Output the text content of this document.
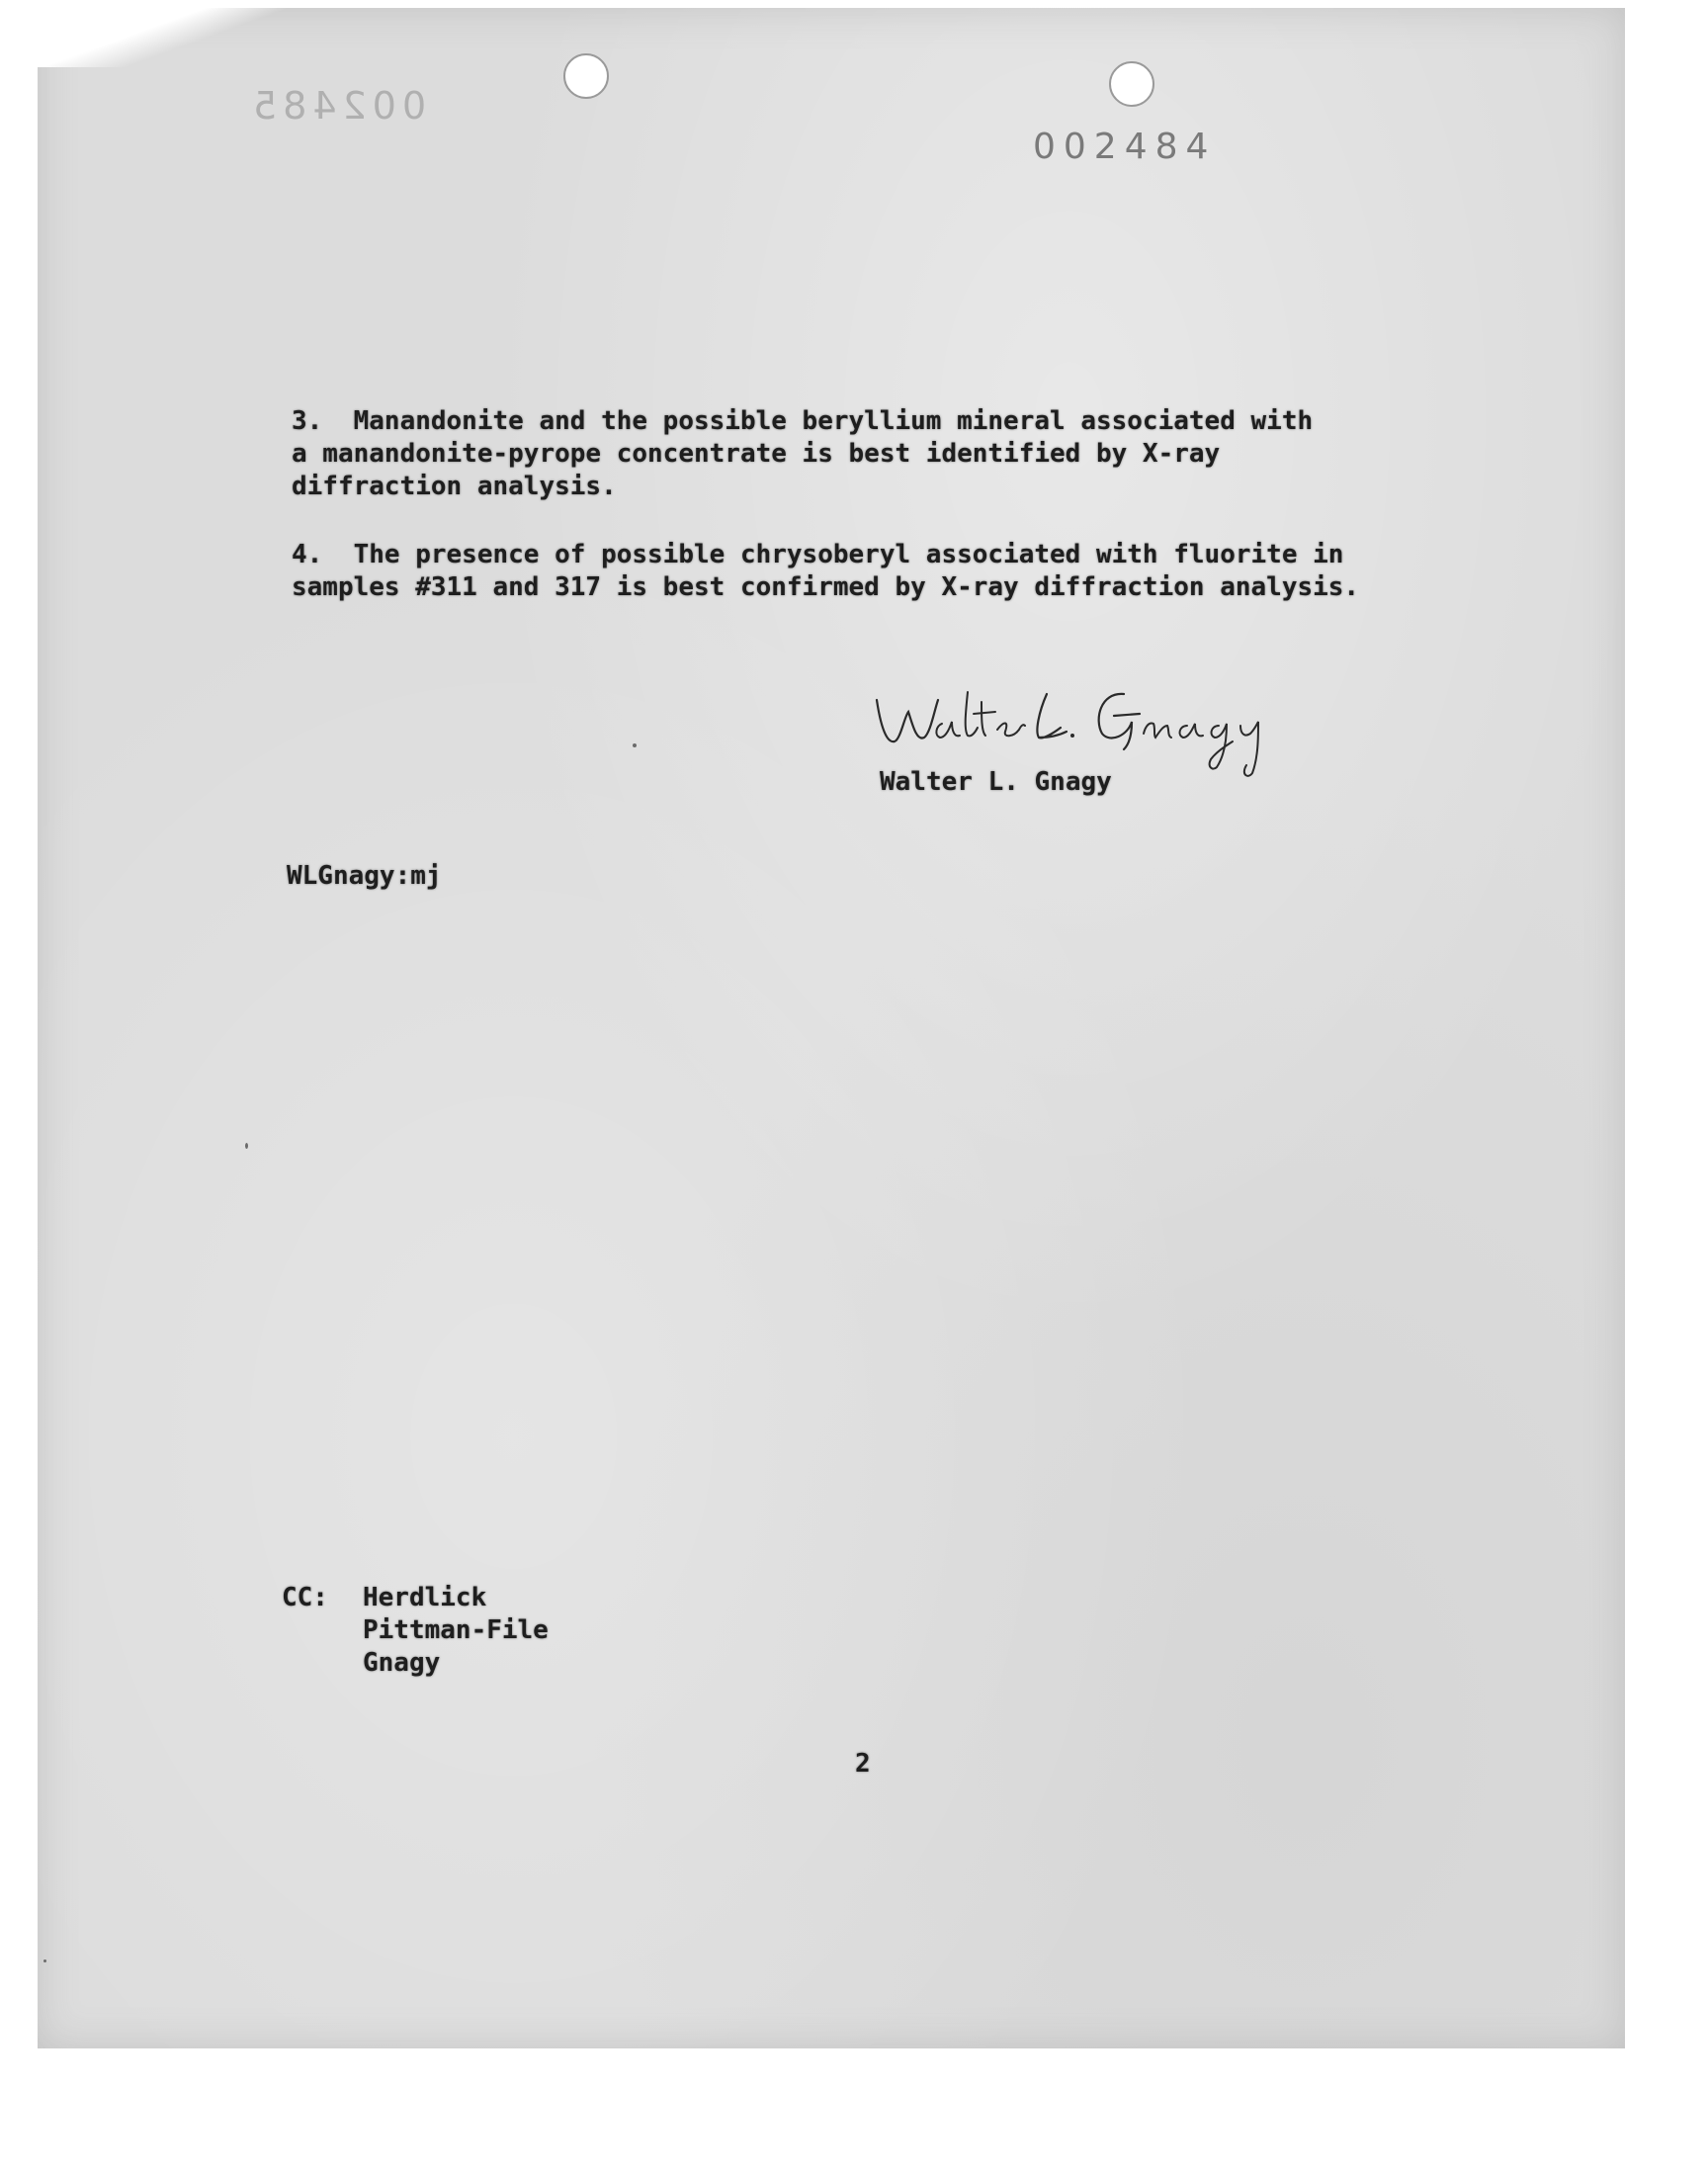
002485
002484
3.  Manandonite and the possible beryllium mineral associated with
a manandonite-pyrope concentrate is best identified by X-ray
diffraction analysis.
4.  The presence of possible chrysoberyl associated with fluorite in
samples #311 and 317 is best confirmed by X-ray diffraction analysis.
Walter L. Gnagy
WLGnagy:mj
CC: Herdlick
Pittman-File
Gnagy
2
